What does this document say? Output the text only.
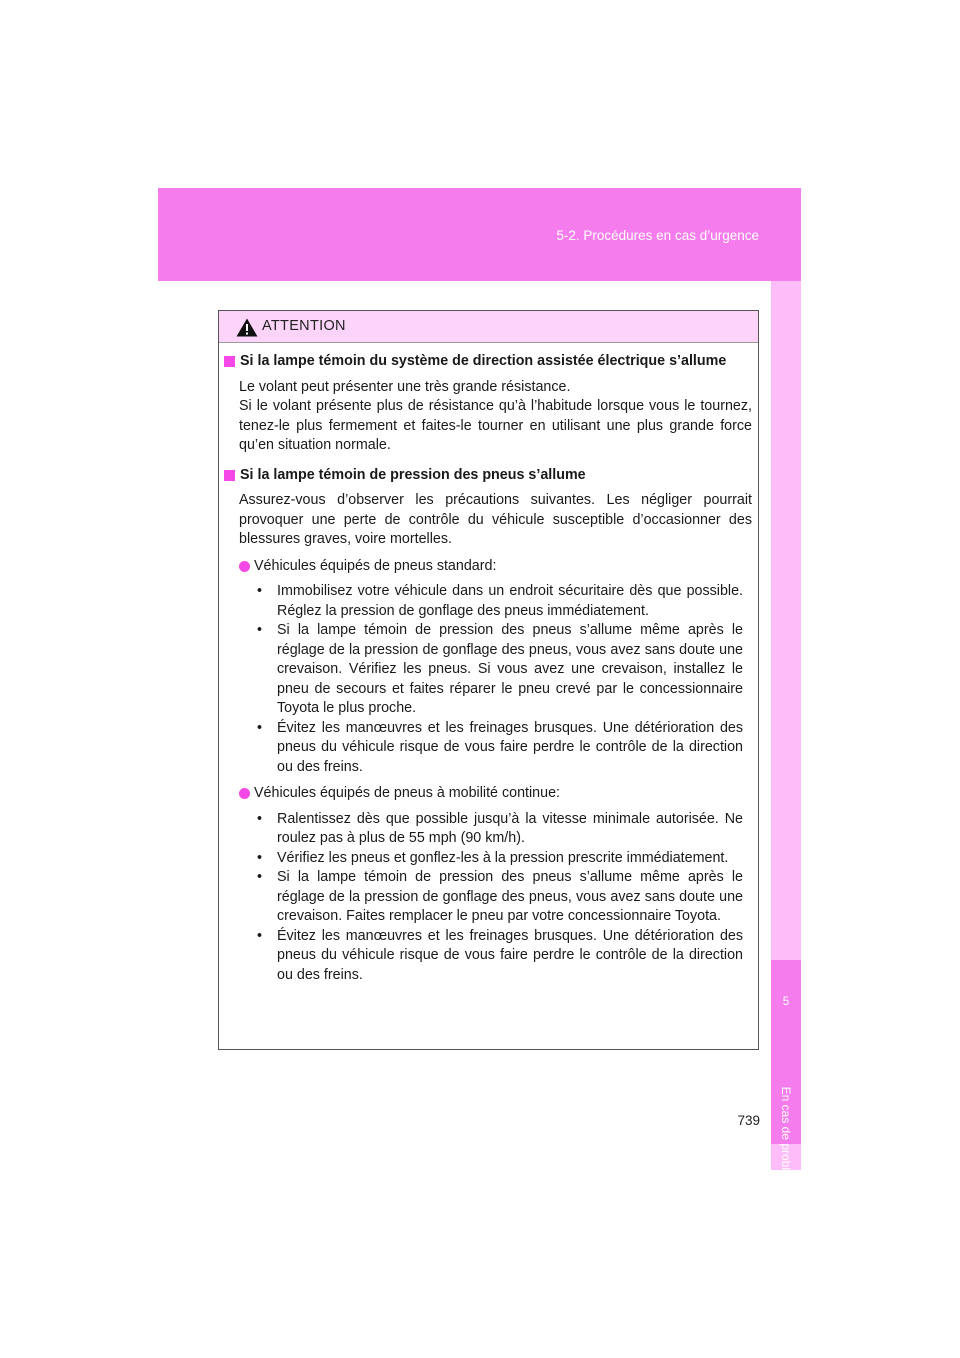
5-2. Procédures en cas d’urgence
5
En cas de problème
ATTENTION
Si la lampe témoin du système de direction assistée électrique s’allume
Le volant peut présenter une très grande résistance.
Si le volant présente plus de résistance qu’à l’habitude lorsque vous le tournez, tenez-le plus fermement et faites-le tourner en utilisant une plus grande force qu’en situation normale.
Si la lampe témoin de pression des pneus s’allume
Assurez-vous d’observer les précautions suivantes. Les négliger pourrait provoquer une perte de contrôle du véhicule susceptible d’occasionner des blessures graves, voire mortelles.
Véhicules équipés de pneus standard:
• Immobilisez votre véhicule dans un endroit sécuritaire dès que possible. Réglez la pression de gonflage des pneus immédiatement.
• Si la lampe témoin de pression des pneus s’allume même après le réglage de la pression de gonflage des pneus, vous avez sans doute une crevaison. Vérifiez les pneus. Si vous avez une crevaison, installez le pneu de secours et faites réparer le pneu crevé par le concessionnaire Toyota le plus proche.
• Évitez les manœuvres et les freinages brusques. Une détérioration des pneus du véhicule risque de vous faire perdre le contrôle de la direction ou des freins.
Véhicules équipés de pneus à mobilité continue:
• Ralentissez dès que possible jusqu’à la vitesse minimale autorisée. Ne roulez pas à plus de 55 mph (90 km/h).
• Vérifiez les pneus et gonflez-les à la pression prescrite immédiatement.
• Si la lampe témoin de pression des pneus s’allume même après le réglage de la pression de gonflage des pneus, vous avez sans doute une crevaison. Faites remplacer le pneu par votre concessionnaire Toyota.
• Évitez les manœuvres et les freinages brusques. Une détérioration des pneus du véhicule risque de vous faire perdre le contrôle de la direction ou des freins.
739
